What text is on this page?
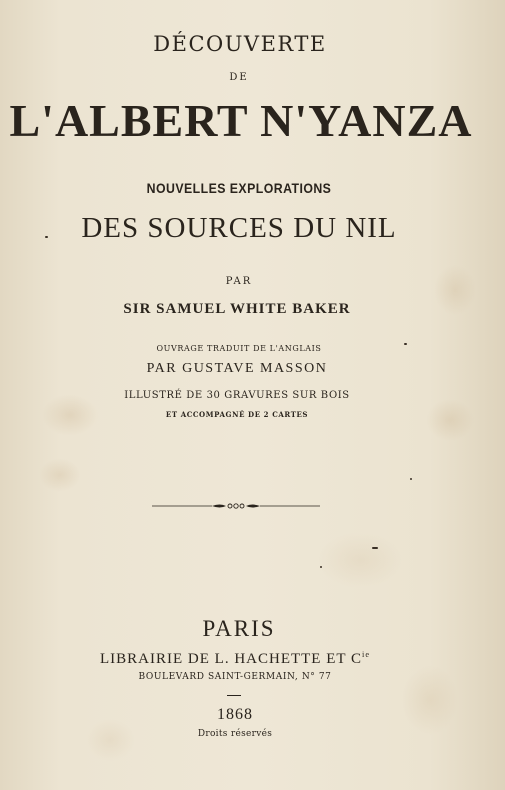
DÉCOUVERTE
DE
L'ALBERT N'YANZA
NOUVELLES EXPLORATIONS
DES SOURCES DU NIL
PAR
SIR SAMUEL WHITE BAKER
OUVRAGE TRADUIT DE L'ANGLAIS
PAR GUSTAVE MASSON
ILLUSTRÉ DE 30 GRAVURES SUR BOIS
ET ACCOMPAGNÉ DE 2 CARTES
PARIS
LIBRAIRIE DE L. HACHETTE ET $C^{ie}$
BOULEVARD SAINT-GERMAIN, N° 77
1868
Droits réservés
